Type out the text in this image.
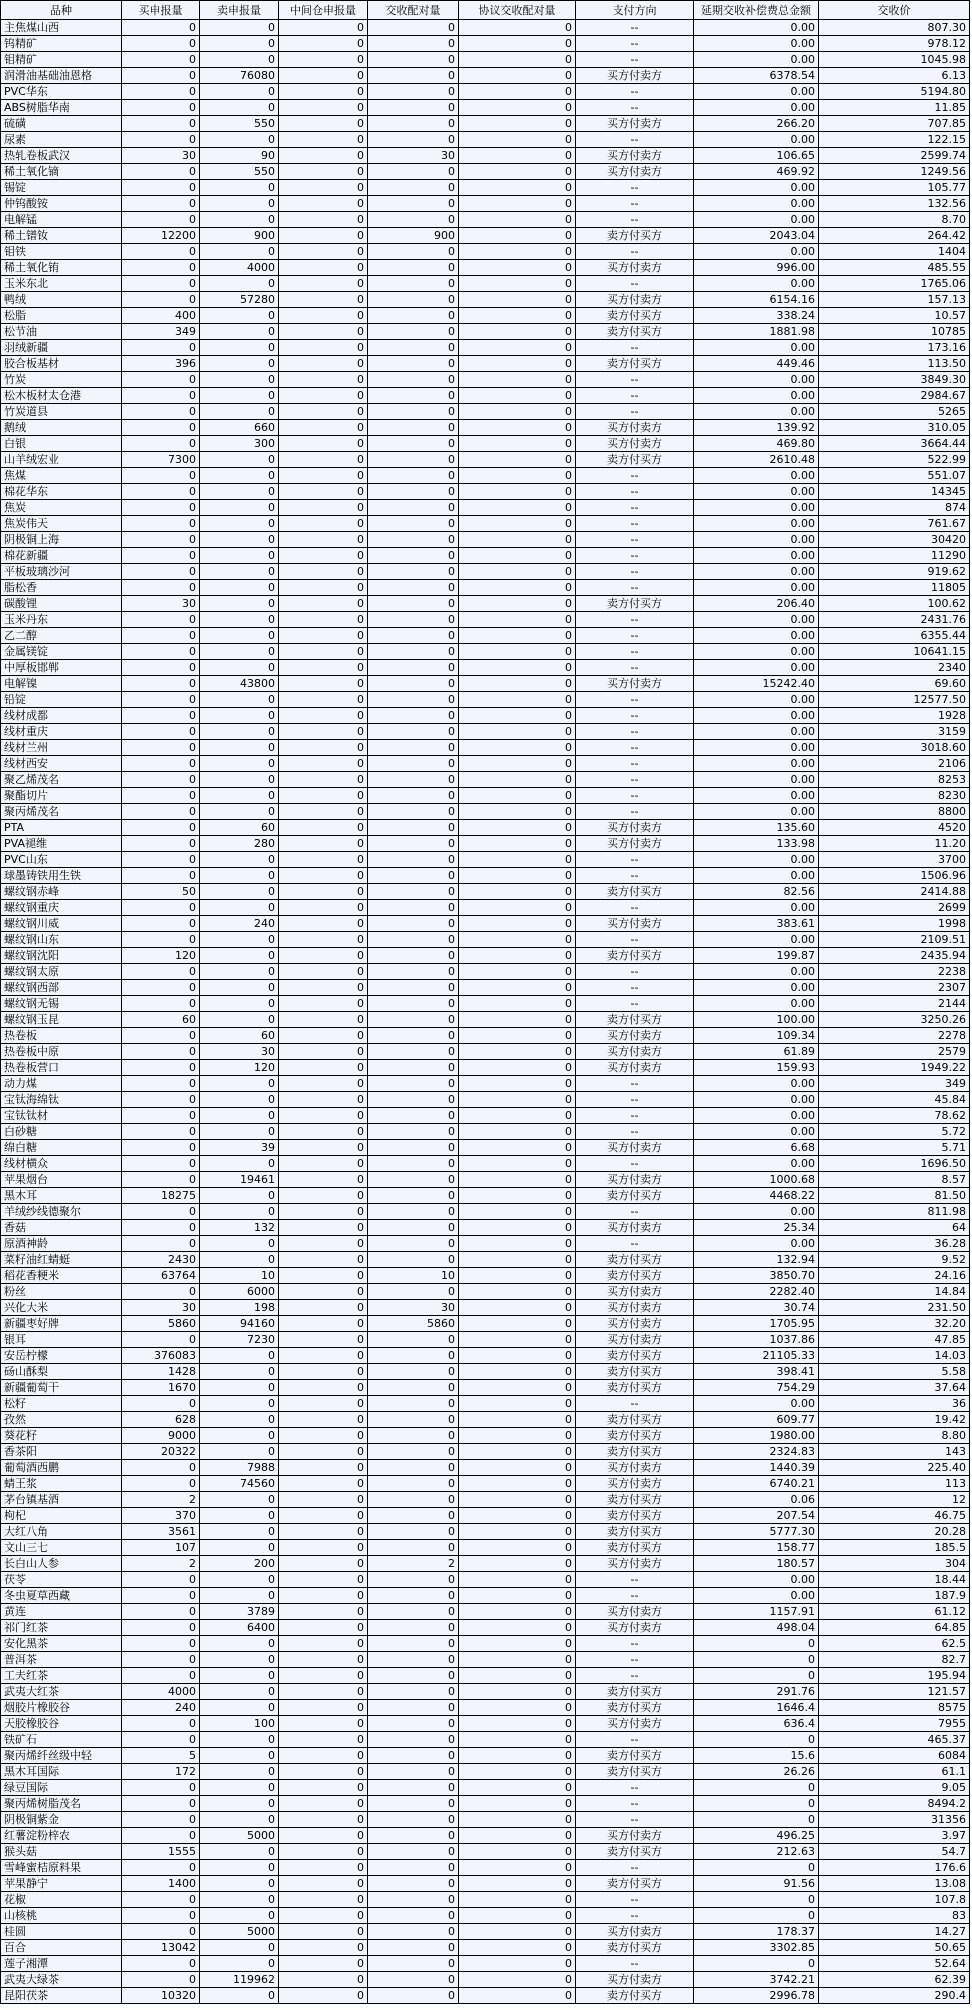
品种	买申报量	卖申报量	中间仓申报量	交收配对量	协议交收配对量	支付方向	延期交收补偿费总金额	交收价
主焦煤山西	0	0	0	0	0	--	0.00	807.30
钨精矿	0	0	0	0	0	--	0.00	978.12
钼精矿	0	0	0	0	0	--	0.00	1045.98
润滑油基础油恩格	0	76080	0	0	0	买方付卖方	6378.54	6.13
PVC华东	0	0	0	0	0	--	0.00	5194.80
ABS树脂华南	0	0	0	0	0	--	0.00	11.85
硫磺	0	550	0	0	0	买方付卖方	266.20	707.85
尿素	0	0	0	0	0	--	0.00	122.15
热轧卷板武汉	30	90	0	30	0	买方付卖方	106.65	2599.74
稀土氧化镝	0	550	0	0	0	买方付卖方	469.92	1249.56
锡锭	0	0	0	0	0	--	0.00	105.77
仲钨酸铵	0	0	0	0	0	--	0.00	132.56
电解锰	0	0	0	0	0	--	0.00	8.70
稀土镨钕	12200	900	0	900	0	卖方付买方	2043.04	264.42
钼铁	0	0	0	0	0	--	0.00	1404
稀土氧化铕	0	4000	0	0	0	买方付卖方	996.00	485.55
玉米东北	0	0	0	0	0	--	0.00	1765.06
鸭绒	0	57280	0	0	0	买方付卖方	6154.16	157.13
松脂	400	0	0	0	0	卖方付买方	338.24	10.57
松节油	349	0	0	0	0	卖方付买方	1881.98	10785
羽绒新疆	0	0	0	0	0	--	0.00	173.16
胶合板基材	396	0	0	0	0	卖方付买方	449.46	113.50
竹炭	0	0	0	0	0	--	0.00	3849.30
松木板材太仓港	0	0	0	0	0	--	0.00	2984.67
竹炭道县	0	0	0	0	0	--	0.00	5265
鹅绒	0	660	0	0	0	买方付卖方	139.92	310.05
白银	0	300	0	0	0	买方付卖方	469.80	3664.44
山羊绒宏业	7300	0	0	0	0	卖方付买方	2610.48	522.99
焦煤	0	0	0	0	0	--	0.00	551.07
棉花华东	0	0	0	0	0	--	0.00	14345
焦炭	0	0	0	0	0	--	0.00	874
焦炭伟天	0	0	0	0	0	--	0.00	761.67
阴极铜上海	0	0	0	0	0	--	0.00	30420
棉花新疆	0	0	0	0	0	--	0.00	11290
平板玻璃沙河	0	0	0	0	0	--	0.00	919.62
脂松香	0	0	0	0	0	--	0.00	11805
碳酸锂	30	0	0	0	0	卖方付买方	206.40	100.62
玉米丹东	0	0	0	0	0	--	0.00	2431.76
乙二醇	0	0	0	0	0	--	0.00	6355.44
金属镁锭	0	0	0	0	0	--	0.00	10641.15
中厚板邯郸	0	0	0	0	0	--	0.00	2340
电解镍	0	43800	0	0	0	买方付卖方	15242.40	69.60
铅锭	0	0	0	0	0	--	0.00	12577.50
线材成都	0	0	0	0	0	--	0.00	1928
线材重庆	0	0	0	0	0	--	0.00	3159
线材兰州	0	0	0	0	0	--	0.00	3018.60
线材西安	0	0	0	0	0	--	0.00	2106
聚乙烯茂名	0	0	0	0	0	--	0.00	8253
聚酯切片	0	0	0	0	0	--	0.00	8230
聚丙烯茂名	0	0	0	0	0	--	0.00	8800
PTA	0	60	0	0	0	买方付卖方	135.60	4520
PVA褪维	0	280	0	0	0	买方付卖方	133.98	11.20
PVC山东	0	0	0	0	0	--	0.00	3700
球墨铸铁用生铁	0	0	0	0	0	--	0.00	1506.96
螺纹钢赤峰	50	0	0	0	0	卖方付买方	82.56	2414.88
螺纹钢重庆	0	0	0	0	0	--	0.00	2699
螺纹钢川威	0	240	0	0	0	买方付卖方	383.61	1998
螺纹钢山东	0	0	0	0	0	--	0.00	2109.51
螺纹钢沈阳	120	0	0	0	0	卖方付买方	199.87	2435.94
螺纹钢太原	0	0	0	0	0	--	0.00	2238
螺纹钢西部	0	0	0	0	0	--	0.00	2307
螺纹钢无锡	0	0	0	0	0	--	0.00	2144
螺纹钢玉昆	60	0	0	0	0	卖方付买方	100.00	3250.26
热卷板	0	60	0	0	0	买方付卖方	109.34	2278
热卷板中原	0	30	0	0	0	买方付卖方	61.89	2579
热卷板营口	0	120	0	0	0	买方付卖方	159.93	1949.22
动力煤	0	0	0	0	0	--	0.00	349
宝钛海绵钛	0	0	0	0	0	--	0.00	45.84
宝钛钛材	0	0	0	0	0	--	0.00	78.62
白砂糖	0	0	0	0	0	--	0.00	5.72
绵白糖	0	39	0	0	0	买方付卖方	6.68	5.71
线材横众	0	0	0	0	0	--	0.00	1696.50
苹果烟台	0	19461	0	0	0	买方付卖方	1000.68	8.57
黑木耳	18275	0	0	0	0	卖方付买方	4468.22	81.50
羊绒纱线德聚尔	0	0	0	0	0	--	0.00	811.98
香菇	0	132	0	0	0	买方付卖方	25.34	64
原酒神龄	0	0	0	0	0	--	0.00	36.28
菜籽油红蜻蜓	2430	0	0	0	0	卖方付买方	132.94	9.52
稻花香粳米	63764	10	0	10	0	卖方付买方	3850.70	24.16
粉丝	0	6000	0	0	0	买方付卖方	2282.40	14.84
兴化大米	30	198	0	30	0	买方付卖方	30.74	231.50
新疆枣好牌	5860	94160	0	5860	0	买方付卖方	1705.95	32.20
银耳	0	7230	0	0	0	买方付卖方	1037.86	47.85
安岳柠檬	376083	0	0	0	0	卖方付买方	21105.33	14.03
砀山酥梨	1428	0	0	0	0	卖方付买方	398.41	5.58
新疆葡萄干	1670	0	0	0	0	卖方付买方	754.29	37.64
松籽	0	0	0	0	0	--	0.00	36
孜然	628	0	0	0	0	卖方付买方	609.77	19.42
葵花籽	9000	0	0	0	0	卖方付买方	1980.00	8.80
香茶阳	20322	0	0	0	0	卖方付买方	2324.83	143
葡萄酒西鹏	0	7988	0	0	0	买方付卖方	1440.39	225.40
蜻王浆	0	74560	0	0	0	买方付卖方	6740.21	113
茅台镇基酒	2	0	0	0	0	卖方付买方	0.06	12
枸杞	370	0	0	0	0	卖方付买方	207.54	46.75
大红八角	3561	0	0	0	0	卖方付买方	5777.30	20.28
文山三七	107	0	0	0	0	卖方付买方	158.77	185.5
长白山人参	2	200	0	2	0	买方付卖方	180.57	304
茯苓	0	0	0	0	0	--	0.00	18.44
冬虫夏草西藏	0	0	0	0	0	--	0.00	187.9
黄连	0	3789	0	0	0	买方付卖方	1157.91	61.12
祁门红茶	0	6400	0	0	0	买方付卖方	498.04	64.85
安化黑茶	0	0	0	0	0	--	0	62.5
普洱茶	0	0	0	0	0	--	0	82.7
工夫红茶	0	0	0	0	0	--	0	195.94
武夷大红茶	4000	0	0	0	0	卖方付买方	291.76	121.57
烟胶片橡胶谷	240	0	0	0	0	卖方付买方	1646.4	8575
天胶橡胶谷	0	100	0	0	0	买方付卖方	636.4	7955
铁矿石	0	0	0	0	0	--	0	465.37
聚丙烯纤丝级中轻	5	0	0	0	0	卖方付买方	15.6	6084
黑木耳国际	172	0	0	0	0	卖方付买方	26.26	61.1
绿豆国际	0	0	0	0	0	--	0	9.05
聚丙烯树脂茂名	0	0	0	0	0	--	0	8494.2
阴极铜紫金	0	0	0	0	0	--	0	31356
红薯淀粉梓农	0	5000	0	0	0	买方付卖方	496.25	3.97
猴头菇	1555	0	0	0	0	卖方付买方	212.63	54.7
雪峰蜜桔原料果	0	0	0	0	0	--	0	176.6
苹果静宁	1400	0	0	0	0	卖方付买方	91.56	13.08
花椒	0	0	0	0	0	--	0	107.8
山核桃	0	0	0	0	0	--	0	83
桂圆	0	5000	0	0	0	买方付卖方	178.37	14.27
百合	13042	0	0	0	0	卖方付买方	3302.85	50.65
莲子湘潭	0	0	0	0	0	--	0	52.64
武夷大绿茶	0	119962	0	0	0	买方付卖方	3742.21	62.39
昆阳茯茶	10320	0	0	0	0	卖方付买方	2996.78	290.4
